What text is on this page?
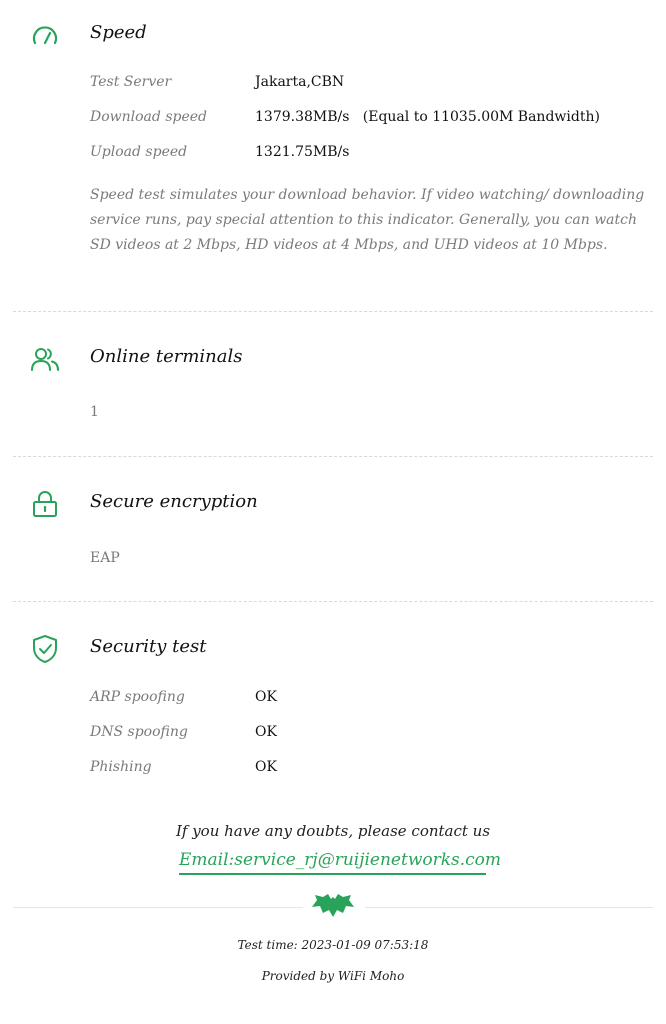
Speed
Test Server	Jakarta,CBN
Download speed	1379.38MB/s   (Equal to 11035.00M Bandwidth)
Upload speed	1321.75MB/s
Speed test simulates your download behavior. If video watching/ downloading service runs, pay special attention to this indicator. Generally, you can watch SD videos at 2 Mbps, HD videos at 4 Mbps, and UHD videos at 10 Mbps.
Online terminals
1
Secure encryption
EAP
Security test
ARP spoofing	OK
DNS spoofing	OK
Phishing	OK
If you have any doubts, please contact us
Email:service_rj@ruijienetworks.com
Test time: 2023-01-09 07:53:18
Provided by WiFi Moho
